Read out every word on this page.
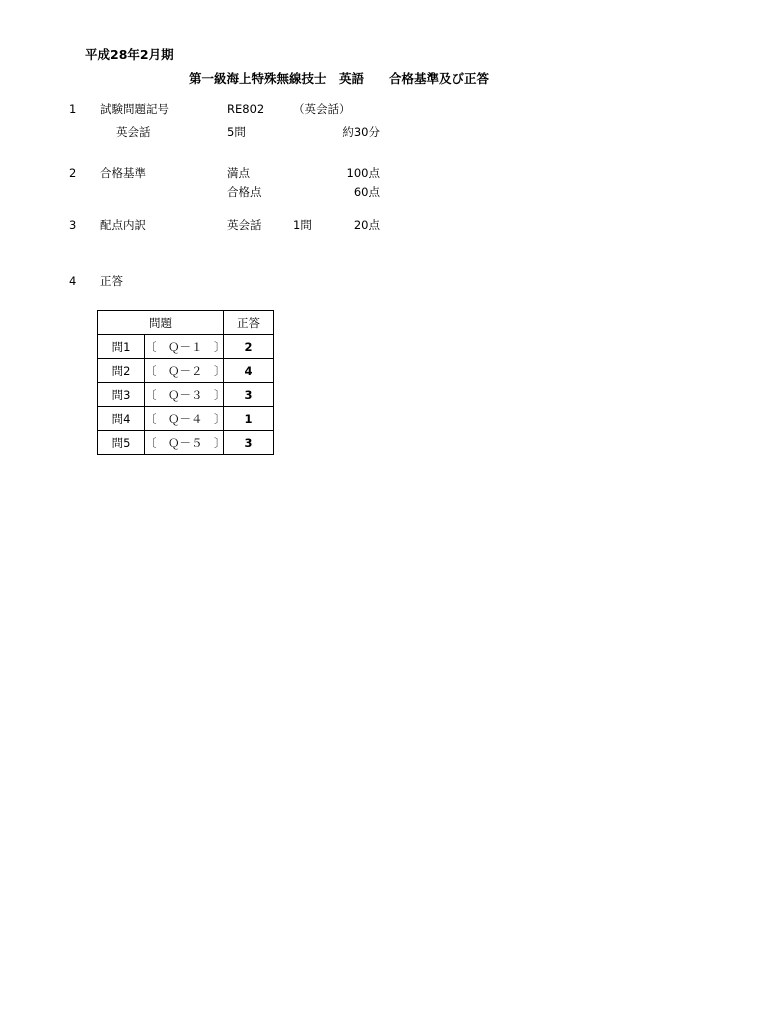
平成28年2月期
第一級海上特殊無線技士　英語　　合格基準及び正答
1 試験問題記号	RE802	（英会話）
英会話	5問	約30分
2 合格基準	満点	100点
合格点	60点
3 配点内訳	英会話	1問	20点
4 正答
問題		正答
問1	〔　Ｑ－１　〕	2
問2	〔　Ｑ－２　〕	4
問3	〔　Ｑ－３　〕	3
問4	〔　Ｑ－４　〕	1
問5	〔　Ｑ－５　〕	3
